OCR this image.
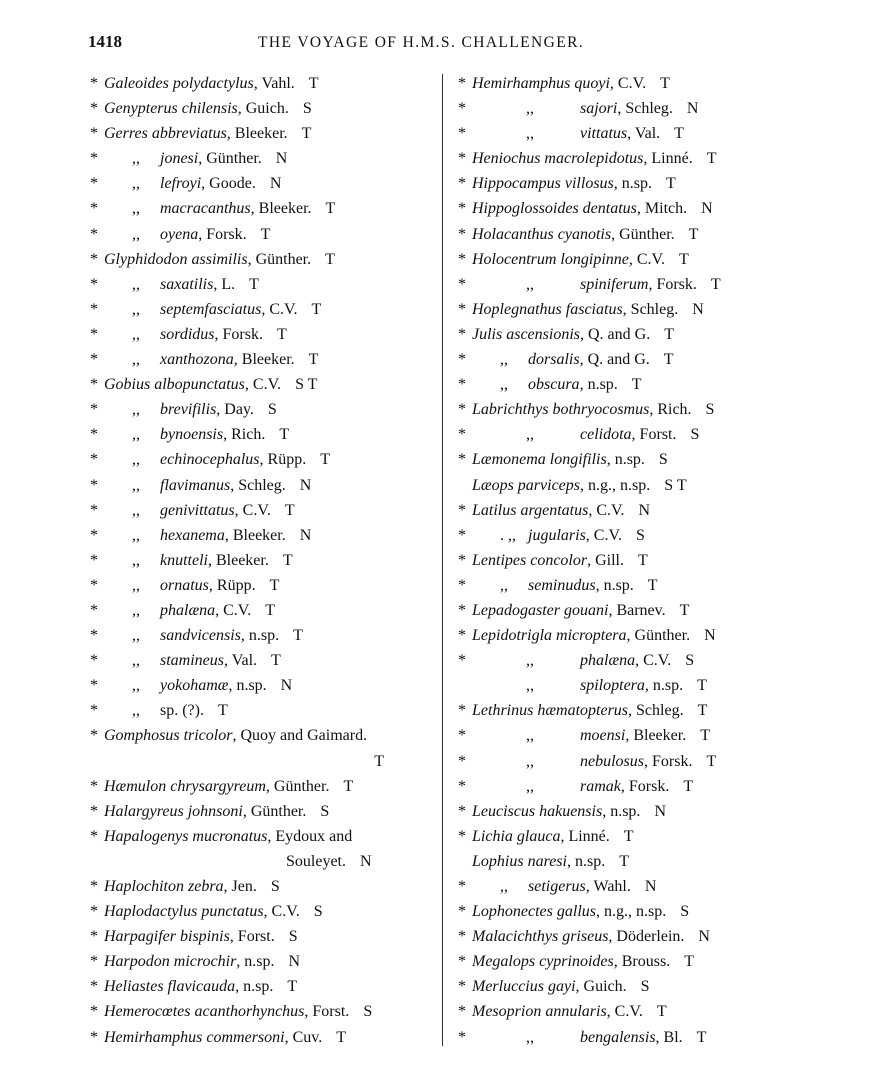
1418	THE VOYAGE OF H.M.S. CHALLENGER.
* Galeoides polydactylus, Vahl. T
* Genypterus chilensis, Guich. S
* Gerres abbreviatus, Bleeker. T
* ,, jonesi, Günther. N
* ,, lefroyi, Goode. N
* ,, macracanthus, Bleeker. T
* ,, oyena, Forsk. T
* Glyphidodon assimilis, Günther. T
* ,, saxatilis, L. T
* ,, septemfasciatus, C.V. T
* ,, sordidus, Forsk. T
* ,, xanthozona, Bleeker. T
* Gobius albopunctatus, C.V. S T
* ,, brevifilis, Day. S
* ,, bynoensis, Rich. T
* ,, echinocephalus, Rüpp. T
* ,, flavimanus, Schleg. N
* ,, genivittatus, C.V. T
* ,, hexanema, Bleeker. N
* ,, knutteli, Bleeker. T
* ,, ornatus, Rüpp. T
* ,, phalæna, C.V. T
* ,, sandvicensis, n.sp. T
* ,, stamineus, Val. T
* ,, yokohamæ, n.sp. N
* ,, sp. (?). T
* Gomphosus tricolor, Quoy and Gaimard.
T
* Hæmulon chrysargyreum, Günther. T
* Halargyreus johnsoni, Günther. S
* Hapalogenys mucronatus, Eydoux and
Souleyet. N
* Haplochiton zebra, Jen. S
* Haplodactylus punctatus, C.V. S
* Harpagifer bispinis, Forst. S
* Harpodon microchir, n.sp. N
* Heliastes flavicauda, n.sp. T
* Hemerocœtes acanthorhynchus, Forst. S
* Hemirhamphus commersoni, Cuv. T
* Hemirhamphus quoyi, C.V. T
*	,,	sajori, Schleg. N
*	,,	vittatus, Val. T
* Heniochus macrolepidotus, Linné. T
* Hippocampus villosus, n.sp. T
* Hippoglossoides dentatus, Mitch. N
* Holacanthus cyanotis, Günther. T
* Holocentrum longipinne, C.V. T
*	,,	spiniferum, Forsk. T
* Hoplegnathus fasciatus, Schleg. N
* Julis ascensionis, Q. and G. T
* ,, dorsalis, Q. and G. T
* ,, obscura, n.sp. T
* Labrichthys bothryocosmus, Rich. S
*	,,	celidota, Forst. S
* Læmonema longifilis, n.sp. S
Læops parviceps, n.g., n.sp. S T
* Latilus argentatus, C.V. N
* . ,, jugularis, C.V. S
* Lentipes concolor, Gill. T
* ,, seminudus, n.sp. T
* Lepadogaster gouani, Barnev. T
* Lepidotrigla microptera, Günther. N
*	,,	phalæna, C.V. S
,,	spiloptera, n.sp. T
* Lethrinus hæmatopterus, Schleg. T
*	,,	moensi, Bleeker. T
*	,,	nebulosus, Forsk. T
*	,,	ramak, Forsk. T
* Leuciscus hakuensis, n.sp. N
* Lichia glauca, Linné. T
Lophius naresi, n.sp. T
* ,, setigerus, Wahl. N
* Lophonectes gallus, n.g., n.sp. S
* Malacichthys griseus, Döderlein. N
* Megalops cyprinoides, Brouss. T
* Merluccius gayi, Guich. S
* Mesoprion annularis, C.V. T
*	,,	bengalensis, Bl. T
